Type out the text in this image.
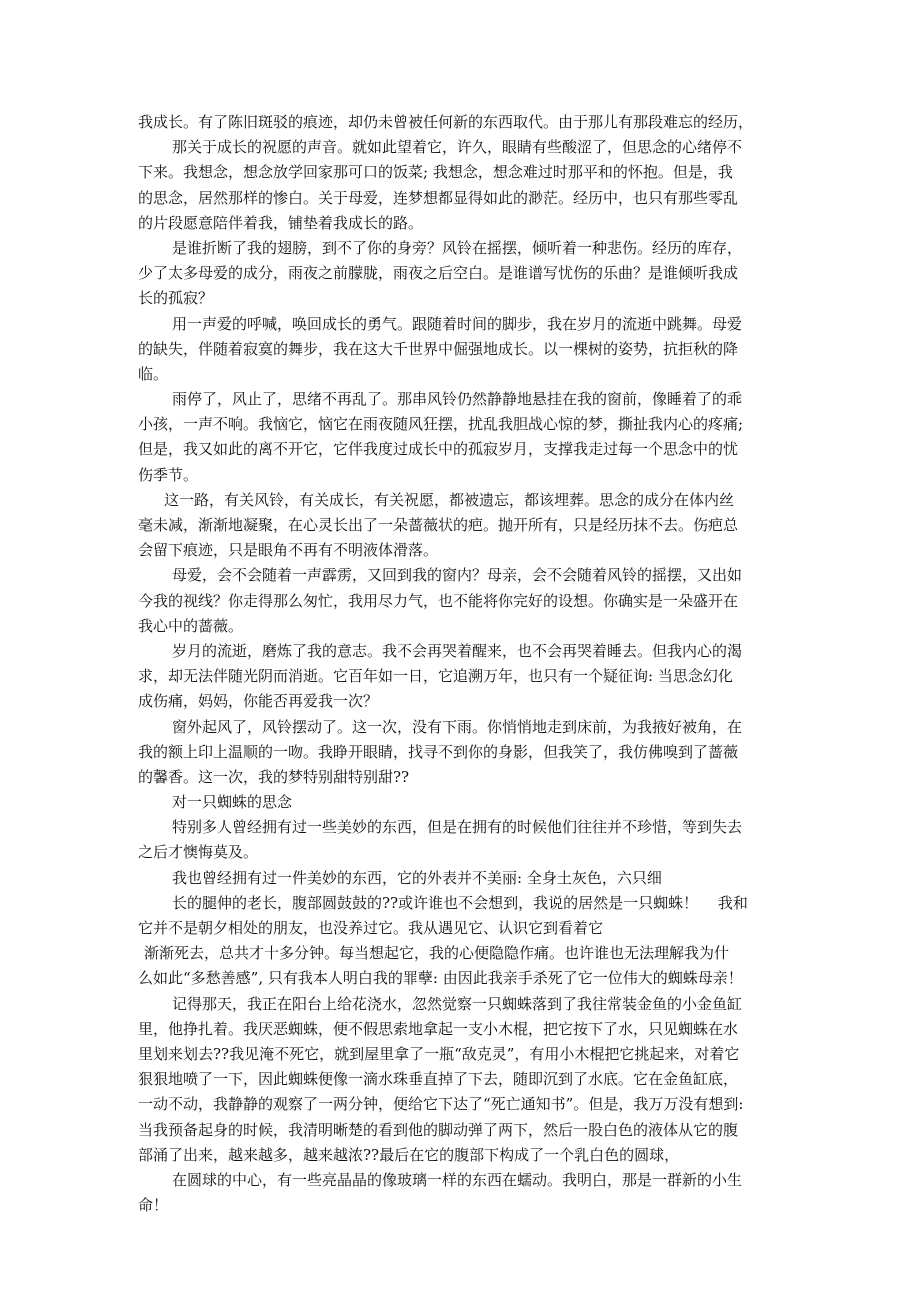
我成长。有了陈旧斑驳的痕迹，却仍未曾被任何新的东西取代。由于那儿有那段难忘的经历，
那关于成长的祝愿的声音。就如此望着它，许久，眼睛有些酸涩了，但思念的心绪停不
下来。我想念，想念放学回家那可口的饭菜; 我想念，想念难过时那平和的怀抱。但是，我
的思念，居然那样的惨白。关于母爱，连梦想都显得如此的渺茫。经历中，也只有那些零乱
的片段愿意陪伴着我，铺垫着我成长的路。
是谁折断了我的翅膀，到不了你的身旁？风铃在摇摆，倾听着一种悲伤。经历的库存，
少了太多母爱的成分，雨夜之前朦胧，雨夜之后空白。是谁谱写忧伤的乐曲？是谁倾听我成
长的孤寂？
用一声爱的呼喊，唤回成长的勇气。跟随着时间的脚步，我在岁月的流逝中跳舞。母爱
的缺失，伴随着寂寞的舞步，我在这大千世界中倔强地成长。以一棵树的姿势，抗拒秋的降
临。
雨停了，风止了，思绪不再乱了。那串风铃仍然静静地悬挂在我的窗前，像睡着了的乖
小孩，一声不响。我恼它，恼它在雨夜随风狂摆，扰乱我胆战心惊的梦，撕扯我内心的疼痛;
但是，我又如此的离不开它，它伴我度过成长中的孤寂岁月，支撑我走过每一个思念中的忧
伤季节。
这一路，有关风铃，有关成长，有关祝愿，都被遗忘，都该埋葬。思念的成分在体内丝
毫未减，渐渐地凝聚，在心灵长出了一朵蔷薇状的疤。抛开所有，只是经历抹不去。伤疤总
会留下痕迹，只是眼角不再有不明液体滑落。
母爱，会不会随着一声霹雳，又回到我的窗内？母亲，会不会随着风铃的摇摆，又出如
今我的视线？你走得那么匆忙，我用尽力气，也不能将你完好的设想。你确实是一朵盛开在
我心中的蔷薇。
岁月的流逝，磨炼了我的意志。我不会再哭着醒来，也不会再哭着睡去。但我内心的渴
求，却无法伴随光阴而消逝。它百年如一日，它追溯万年，也只有一个疑征询: 当思念幻化
成伤痛，妈妈，你能否再爱我一次？
窗外起风了，风铃摆动了。这一次，没有下雨。你悄悄地走到床前，为我掖好被角，在
我的额上印上温顺的一吻。我睁开眼睛，找寻不到你的身影，但我笑了，我仿佛嗅到了蔷薇
的馨香。这一次，我的梦特别甜特别甜??
对一只蜘蛛的思念
特别多人曾经拥有过一些美妙的东西，但是在拥有的时候他们往往并不珍惜，等到失去
之后才懊悔莫及。
我也曾经拥有过一件美妙的东西，它的外表并不美丽: 全身土灰色，六只细
长的腿伸的老长，腹部圆鼓鼓的??或许谁也不会想到，我说的居然是一只蜘蛛！　 我和
它并不是朝夕相处的朋友，也没养过它。我从遇见它、认识它到看着它
渐渐死去，总共才十多分钟。每当想起它，我的心便隐隐作痛。也许谁也无法理解我为什
么如此“多愁善感”, 只有我本人明白我的罪孽: 由因此我亲手杀死了它一位伟大的蜘蛛母亲！
记得那天，我正在阳台上给花浇水，忽然觉察一只蜘蛛落到了我往常装金鱼的小金鱼缸
里，他挣扎着。我厌恶蜘蛛，便不假思索地拿起一支小木棍，把它按下了水，只见蜘蛛在水
里划来划去??我见淹不死它，就到屋里拿了一瓶“敌克灵”，有用小木棍把它挑起来，对着它
狠狠地喷了一下，因此蜘蛛便像一滴水珠垂直掉了下去，随即沉到了水底。它在金鱼缸底，
一动不动，我静静的观察了一两分钟，便给它下达了“死亡通知书”。但是，我万万没有想到:
当我预备起身的时候，我清明晰楚的看到他的脚动弹了两下，然后一股白色的液体从它的腹
部涌了出来，越来越多，越来越浓??最后在它的腹部下构成了一个乳白色的圆球，
在圆球的中心，有一些亮晶晶的像玻璃一样的东西在蠕动。我明白，那是一群新的小生
命！
